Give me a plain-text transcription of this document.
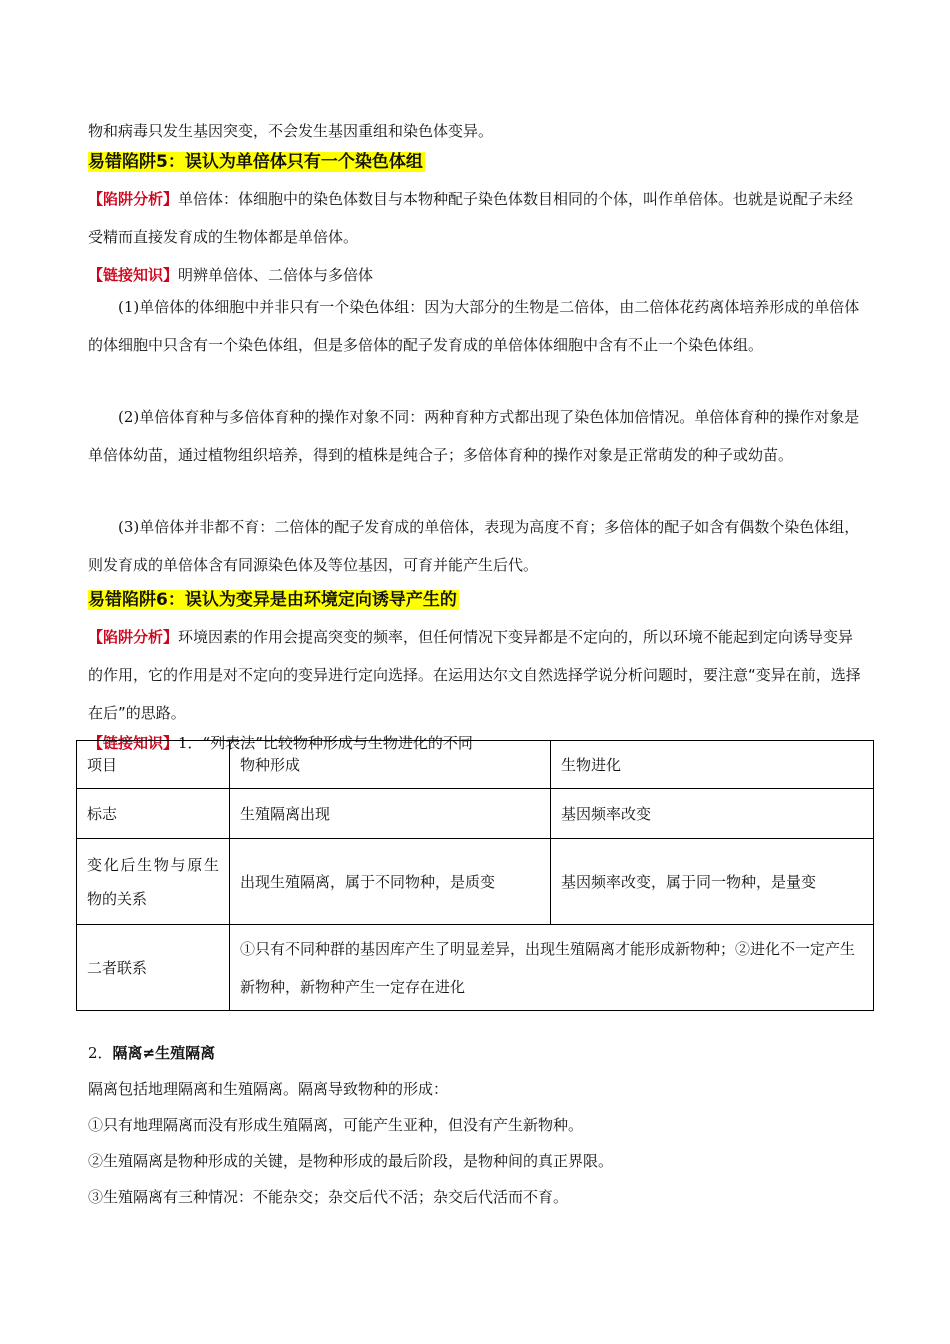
物和病毒只发生基因突变，不会发生基因重组和染色体变异。

易错陷阱5：误认为单倍体只有一个染色体组

【陷阱分析】单倍体：体细胞中的染色体数目与本物种配子染色体数目相同的个体，叫作单倍体。也就是说配子未经受精而直接发育成的生物体都是单倍体。

【链接知识】明辨单倍体、二倍体与多倍体

(1)单倍体的体细胞中并非只有一个染色体组：因为大部分的生物是二倍体，由二倍体花药离体培养形成的单倍体的体细胞中只含有一个染色体组，但是多倍体的配子发育成的单倍体体细胞中含有不止一个染色体组。

(2)单倍体育种与多倍体育种的操作对象不同：两种育种方式都出现了染色体加倍情况。单倍体育种的操作对象是单倍体幼苗，通过植物组织培养，得到的植株是纯合子；多倍体育种的操作对象是正常萌发的种子或幼苗。

(3)单倍体并非都不育：二倍体的配子发育成的单倍体，表现为高度不育；多倍体的配子如含有偶数个染色体组，则发育成的单倍体含有同源染色体及等位基因，可育并能产生后代。

易错陷阱6：误认为变异是由环境定向诱导产生的

【陷阱分析】环境因素的作用会提高突变的频率，但任何情况下变异都是不定向的，所以环境不能起到定向诱导变异的作用，它的作用是对不定向的变异进行定向选择。在运用达尔文自然选择学说分析问题时，要注意“变异在前，选择在后”的思路。

【链接知识】1．“列表法”比较物种形成与生物进化的不同

项目	物种形成	生物进化
标志	生殖隔离出现	基因频率改变
变化后生物与原生物的关系	出现生殖隔离，属于不同物种，是质变	基因频率改变，属于同一物种，是量变
二者联系	①只有不同种群的基因库产生了明显差异，出现生殖隔离才能形成新物种；②进化不一定产生新物种，新物种产生一定存在进化	

2．隔离≠生殖隔离

隔离包括地理隔离和生殖隔离。隔离导致物种的形成：

①只有地理隔离而没有形成生殖隔离，可能产生亚种，但没有产生新物种。

②生殖隔离是物种形成的关键，是物种形成的最后阶段，是物种间的真正界限。

③生殖隔离有三种情况：不能杂交；杂交后代不活；杂交后代活而不育。
